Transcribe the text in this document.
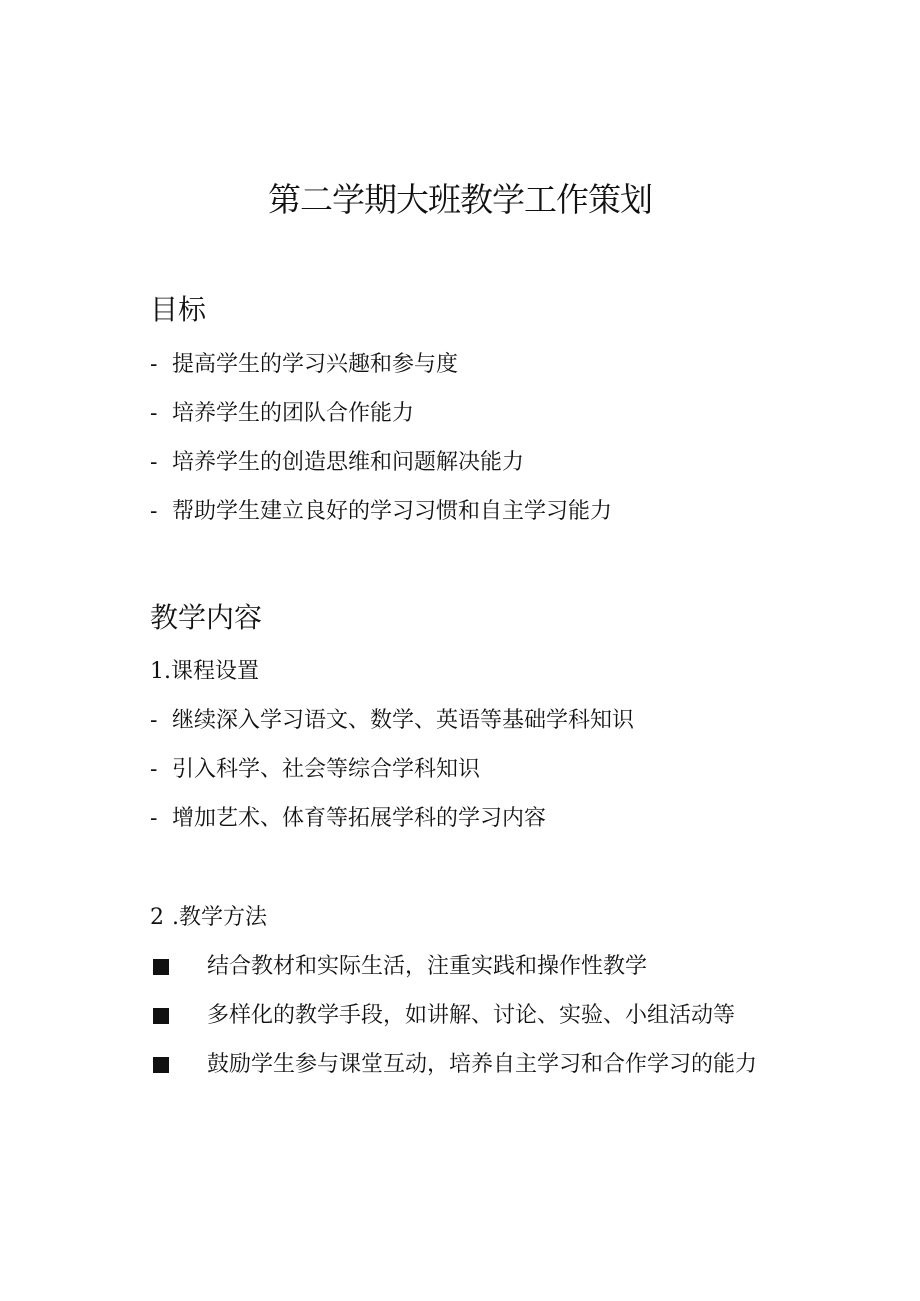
第二学期大班教学工作策划
目标
- 提高学生的学习兴趣和参与度
- 培养学生的团队合作能力
- 培养学生的创造思维和问题解决能力
- 帮助学生建立良好的学习习惯和自主学习能力
教学内容
1.课程设置
- 继续深入学习语文、数学、英语等基础学科知识
- 引入科学、社会等综合学科知识
- 增加艺术、体育等拓展学科的学习内容
2 .教学方法
结合教材和实际生活，注重实践和操作性教学
多样化的教学手段，如讲解、讨论、实验、小组活动等
鼓励学生参与课堂互动，培养自主学习和合作学习的能力
